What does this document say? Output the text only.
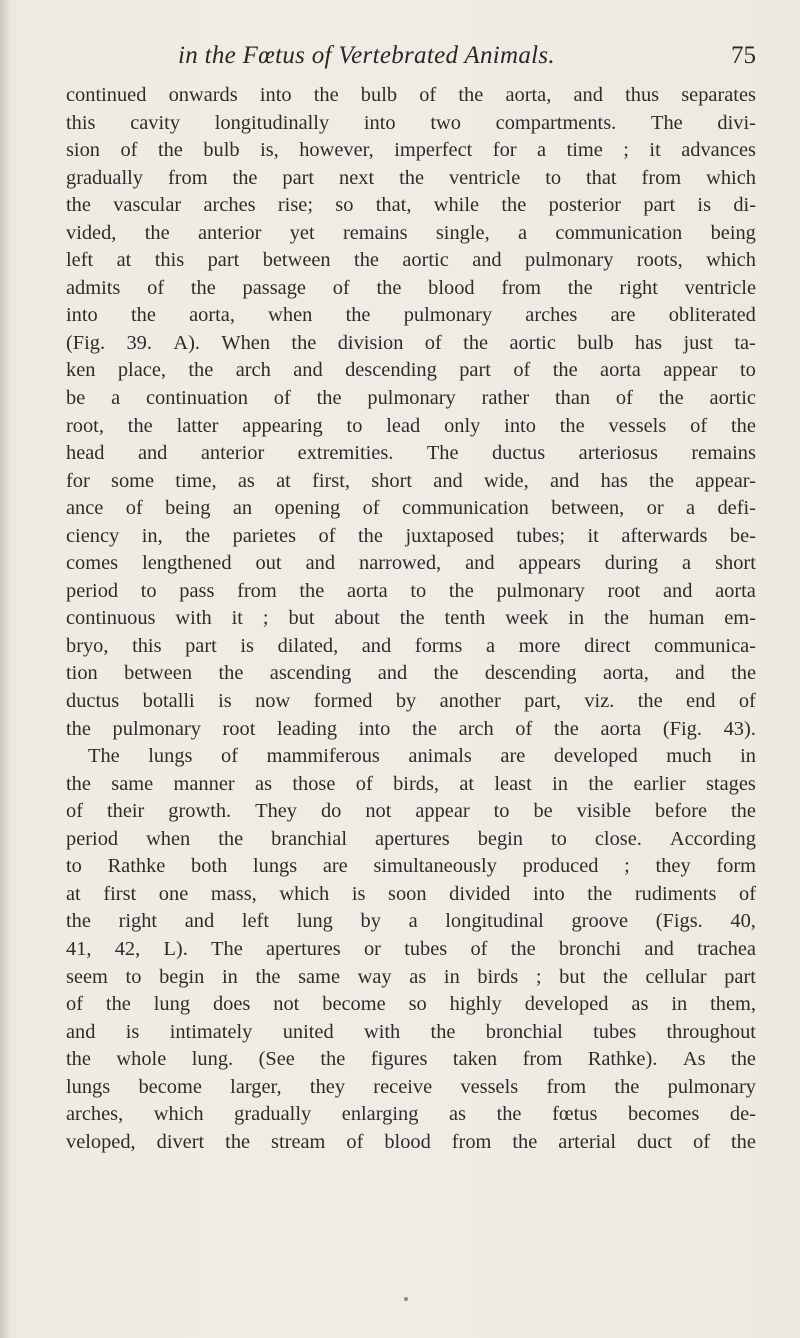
in the Fœtus of Vertebrated Animals.	75
continued onwards into the bulb of the aorta, and thus separates
this cavity longitudinally into two compartments. The divi-
sion of the bulb is, however, imperfect for a time ; it advances
gradually from the part next the ventricle to that from which
the vascular arches rise; so that, while the posterior part is di-
vided, the anterior yet remains single, a communication being
left at this part between the aortic and pulmonary roots, which
admits of the passage of the blood from the right ventricle
into the aorta, when the pulmonary arches are obliterated
(Fig. 39. A). When the division of the aortic bulb has just ta-
ken place, the arch and descending part of the aorta appear to
be a continuation of the pulmonary rather than of the aortic
root, the latter appearing to lead only into the vessels of the
head and anterior extremities. The ductus arteriosus remains
for some time, as at first, short and wide, and has the appear-
ance of being an opening of communication between, or a defi-
ciency in, the parietes of the juxtaposed tubes; it afterwards be-
comes lengthened out and narrowed, and appears during a short
period to pass from the aorta to the pulmonary root and aorta
continuous with it ; but about the tenth week in the human em-
bryo, this part is dilated, and forms a more direct communica-
tion between the ascending and the descending aorta, and the
ductus botalli is now formed by another part, viz. the end of
the pulmonary root leading into the arch of the aorta (Fig. 43).
The lungs of mammiferous animals are developed much in
the same manner as those of birds, at least in the earlier stages
of their growth. They do not appear to be visible before the
period when the branchial apertures begin to close. According
to Rathke both lungs are simultaneously produced ; they form
at first one mass, which is soon divided into the rudiments of
the right and left lung by a longitudinal groove (Figs. 40,
41, 42, L). The apertures or tubes of the bronchi and trachea
seem to begin in the same way as in birds ; but the cellular part
of the lung does not become so highly developed as in them,
and is intimately united with the bronchial tubes throughout
the whole lung. (See the figures taken from Rathke). As the
lungs become larger, they receive vessels from the pulmonary
arches, which gradually enlarging as the fœtus becomes de-
veloped, divert the stream of blood from the arterial duct of the
